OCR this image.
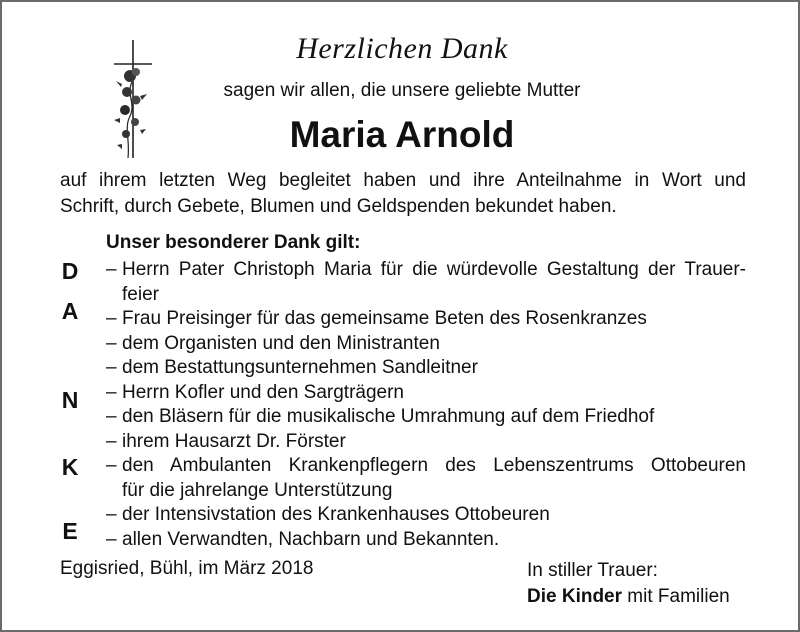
Herzlichen Dank
sagen wir allen, die unsere geliebte Mutter
Maria Arnold
auf ihrem letzten Weg begleitet haben und ihre Anteilnahme in Wort und
Schrift, durch Gebete, Blumen und Geldspenden bekundet haben.
Unser besonderer Dank gilt:
D
A
N
K
E
– Herrn Pater Christoph Maria für die würdevolle Gestaltung der Trauer-
feier
– Frau Preisinger für das gemeinsame Beten des Rosenkranzes
– dem Organisten und den Ministranten
– dem Bestattungsunternehmen Sandleitner
– Herrn Kofler und den Sargträgern
– den Bläsern für die musikalische Umrahmung auf dem Friedhof
– ihrem Hausarzt Dr. Förster
– den Ambulanten Krankenpflegern des Lebenszentrums Ottobeuren
für die jahrelange Unterstützung
– der Intensivstation des Krankenhauses Ottobeuren
– allen Verwandten, Nachbarn und Bekannten.
Eggisried, Bühl, im März 2018	In stiller Trauer:
Die Kinder mit Familien
